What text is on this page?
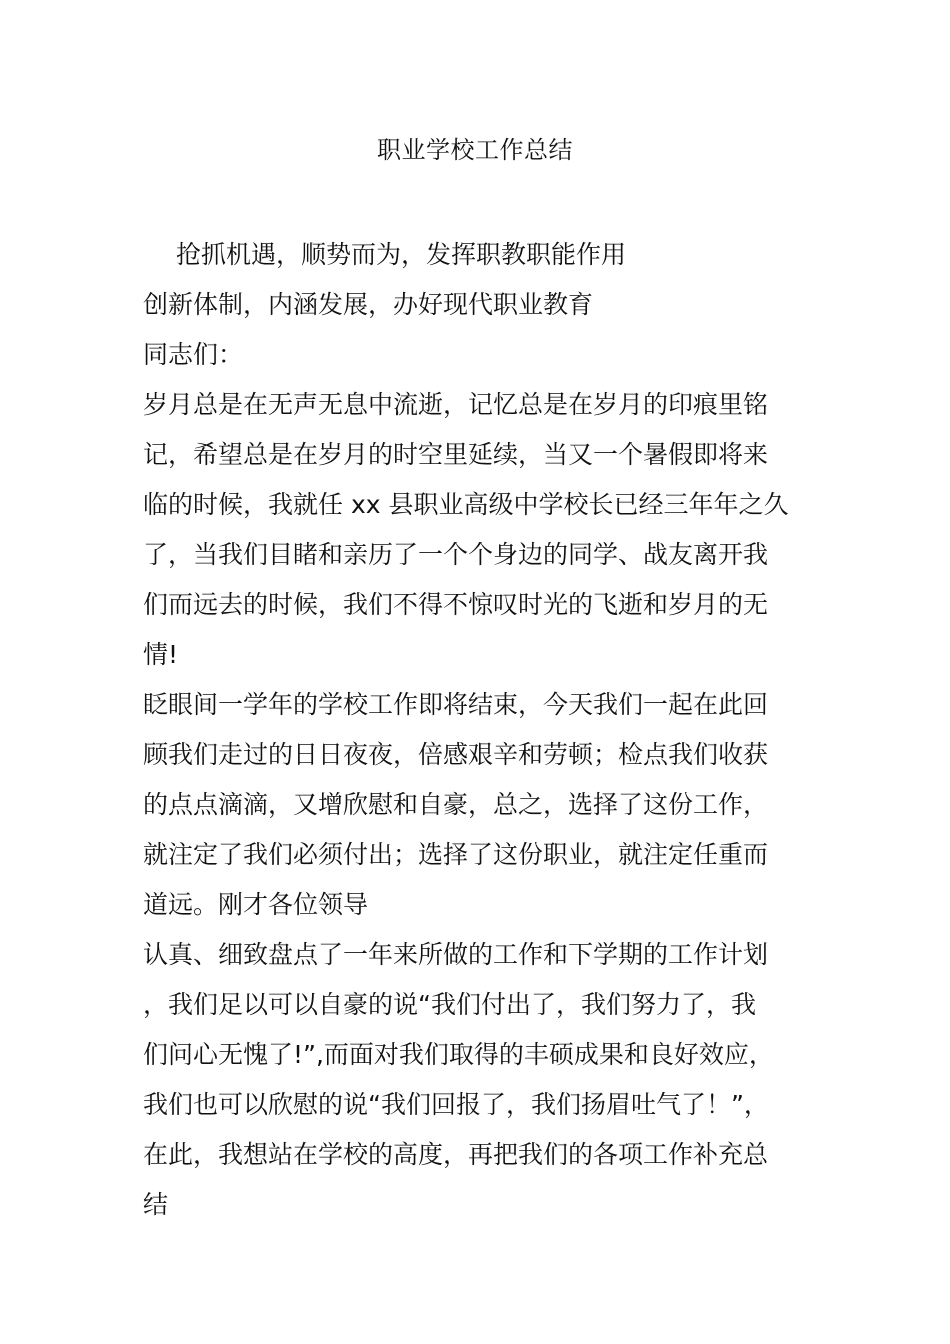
职业学校工作总结
抢抓机遇，顺势而为，发挥职教职能作用
创新体制，内涵发展，办好现代职业教育
同志们：
岁月总是在无声无息中流逝，记忆总是在岁月的印痕里铭
记，希望总是在岁月的时空里延续，当又一个暑假即将来
临的时候，我就任 xx 县职业高级中学校长已经三年年之久
了，当我们目睹和亲历了一个个身边的同学、战友离开我
们而远去的时候，我们不得不惊叹时光的飞逝和岁月的无
情!
眨眼间一学年的学校工作即将结束，今天我们一起在此回
顾我们走过的日日夜夜，倍感艰辛和劳顿；检点我们收获
的点点滴滴，又增欣慰和自豪，总之，选择了这份工作，
就注定了我们必须付出；选择了这份职业，就注定任重而
道远。刚才各位领导
认真、细致盘点了一年来所做的工作和下学期的工作计划
，我们足以可以自豪的说“我们付出了，我们努力了，我
们问心无愧了!”,而面对我们取得的丰硕成果和良好效应，
我们也可以欣慰的说“我们回报了，我们扬眉吐气了！”，
在此，我想站在学校的高度，再把我们的各项工作补充总
结
